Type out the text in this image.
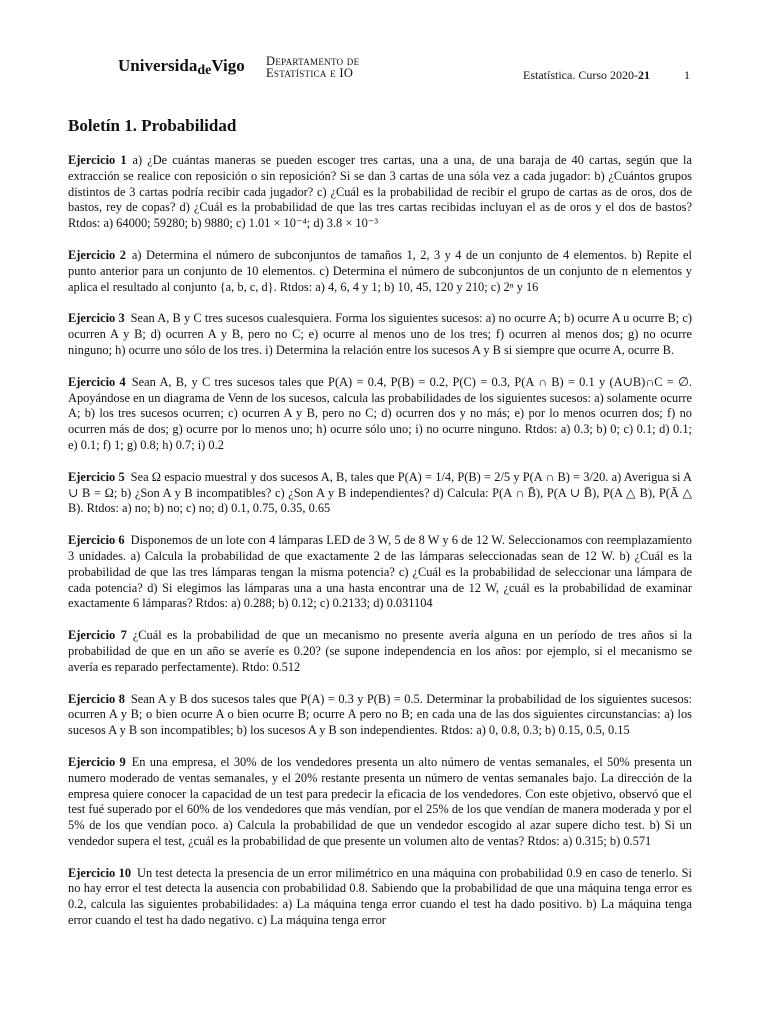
UniversidadeVigo Departamento de
Estatística e IO	Estatística. Curso 2020-21	1
Boletín 1. Probabilidad

Ejercicio 1 a) ¿De cuántas maneras se pueden escoger tres cartas, una a una, de una baraja de 40 cartas, según que la extracción se realice con reposición o sin reposición? Si se dan 3 cartas de una sóla vez a cada jugador: b) ¿Cuántos grupos distintos de 3 cartas podría recibir cada jugador? c) ¿Cuál es la probabilidad de recibir el grupo de cartas as de oros, dos de bastos, rey de copas? d) ¿Cuál es la probabilidad de que las tres cartas recibidas incluyan el as de oros y el dos de bastos? Rtdos: a) 64000; 59280; b) 9880; c) 1.01 × 10⁻⁴; d) 3.8 × 10⁻³

Ejercicio 2 a) Determina el número de subconjuntos de tamaños 1, 2, 3 y 4 de un conjunto de 4 elementos. b) Repite el punto anterior para un conjunto de 10 elementos. c) Determina el número de subconjuntos de un conjunto de n elementos y aplica el resultado al conjunto {a, b, c, d}. Rtdos: a) 4, 6, 4 y 1; b) 10, 45, 120 y 210; c) 2ⁿ y 16

Ejercicio 3 Sean A, B y C tres sucesos cualesquiera. Forma los siguientes sucesos: a) no ocurre A; b) ocurre A u ocurre B; c) ocurren A y B; d) ocurren A y B, pero no C; e) ocurre al menos uno de los tres; f) ocurren al menos dos; g) no ocurre ninguno; h) ocurre uno sólo de los tres. i) Determina la relación entre los sucesos A y B si siempre que ocurre A, ocurre B.

Ejercicio 4 Sean A, B, y C tres sucesos tales que P(A) = 0.4, P(B) = 0.2, P(C) = 0.3, P(A ∩ B) = 0.1 y (A∪B)∩C = ∅. Apoyándose en un diagrama de Venn de los sucesos, calcula las probabilidades de los siguientes sucesos: a) solamente ocurre A; b) los tres sucesos ocurren; c) ocurren A y B, pero no C; d) ocurren dos y no más; e) por lo menos ocurren dos; f) no ocurren más de dos; g) ocurre por lo menos uno; h) ocurre sólo uno; i) no ocurre ninguno. Rtdos: a) 0.3; b) 0; c) 0.1; d) 0.1; e) 0.1; f) 1; g) 0.8; h) 0.7; i) 0.2

Ejercicio 5 Sea Ω espacio muestral y dos sucesos A, B, tales que P(A) = 1/4, P(B) = 2/5 y P(A ∩ B) = 3/20. a) Averigua si A ∪ B = Ω; b) ¿Son A y B incompatibles? c) ¿Son A y B independientes? d) Calcula: P(A ∩ B̄), P(A ∪ B̄), P(A △ B), P(Ā △ B). Rtdos: a) no; b) no; c) no; d) 0.1, 0.75, 0.35, 0.65

Ejercicio 6 Disponemos de un lote con 4 lámparas LED de 3 W, 5 de 8 W y 6 de 12 W. Seleccionamos con reemplazamiento 3 unidades. a) Calcula la probabilidad de que exactamente 2 de las lámparas seleccionadas sean de 12 W. b) ¿Cuál es la probabilidad de que las tres lámparas tengan la misma potencia? c) ¿Cuál es la probabilidad de seleccionar una lámpara de cada potencia? d) Si elegimos las lámparas una a una hasta encontrar una de 12 W, ¿cuál es la probabilidad de examinar exactamente 6 lámparas? Rtdos: a) 0.288; b) 0.12; c) 0.2133; d) 0.031104

Ejercicio 7 ¿Cuál es la probabilidad de que un mecanismo no presente avería alguna en un período de tres años si la probabilidad de que en un año se averíe es 0.20? (se supone independencia en los años: por ejemplo, si el mecanismo se avería es reparado perfectamente). Rtdo: 0.512

Ejercicio 8 Sean A y B dos sucesos tales que P(A) = 0.3 y P(B) = 0.5. Determinar la probabilidad de los siguientes sucesos: ocurren A y B; o bien ocurre A o bien ocurre B; ocurre A pero no B; en cada una de las dos siguientes circunstancias: a) los sucesos A y B son incompatibles; b) los sucesos A y B son independientes. Rtdos: a) 0, 0.8, 0.3; b) 0.15, 0.5, 0.15

Ejercicio 9 En una empresa, el 30% de los vendedores presenta un alto número de ventas semanales, el 50% presenta un numero moderado de ventas semanales, y el 20% restante presenta un número de ventas semanales bajo. La dirección de la empresa quiere conocer la capacidad de un test para predecir la eficacia de los vendedores. Con este objetivo, observó que el test fué superado por el 60% de los vendedores que más vendían, por el 25% de los que vendían de manera moderada y por el 5% de los que vendían poco. a) Calcula la probabilidad de que un vendedor escogido al azar supere dicho test. b) Si un vendedor supera el test, ¿cuál es la probabilidad de que presente un volumen alto de ventas? Rtdos: a) 0.315; b) 0.571

Ejercicio 10 Un test detecta la presencia de un error milimétrico en una máquina con probabilidad 0.9 en caso de tenerlo. Si no hay error el test detecta la ausencia con probabilidad 0.8. Sabiendo que la probabilidad de que una máquina tenga error es 0.2, calcula las siguientes probabilidades: a) La máquina tenga error cuando el test ha dado positivo. b) La máquina tenga error cuando el test ha dado negativo. c) La máquina tenga error
